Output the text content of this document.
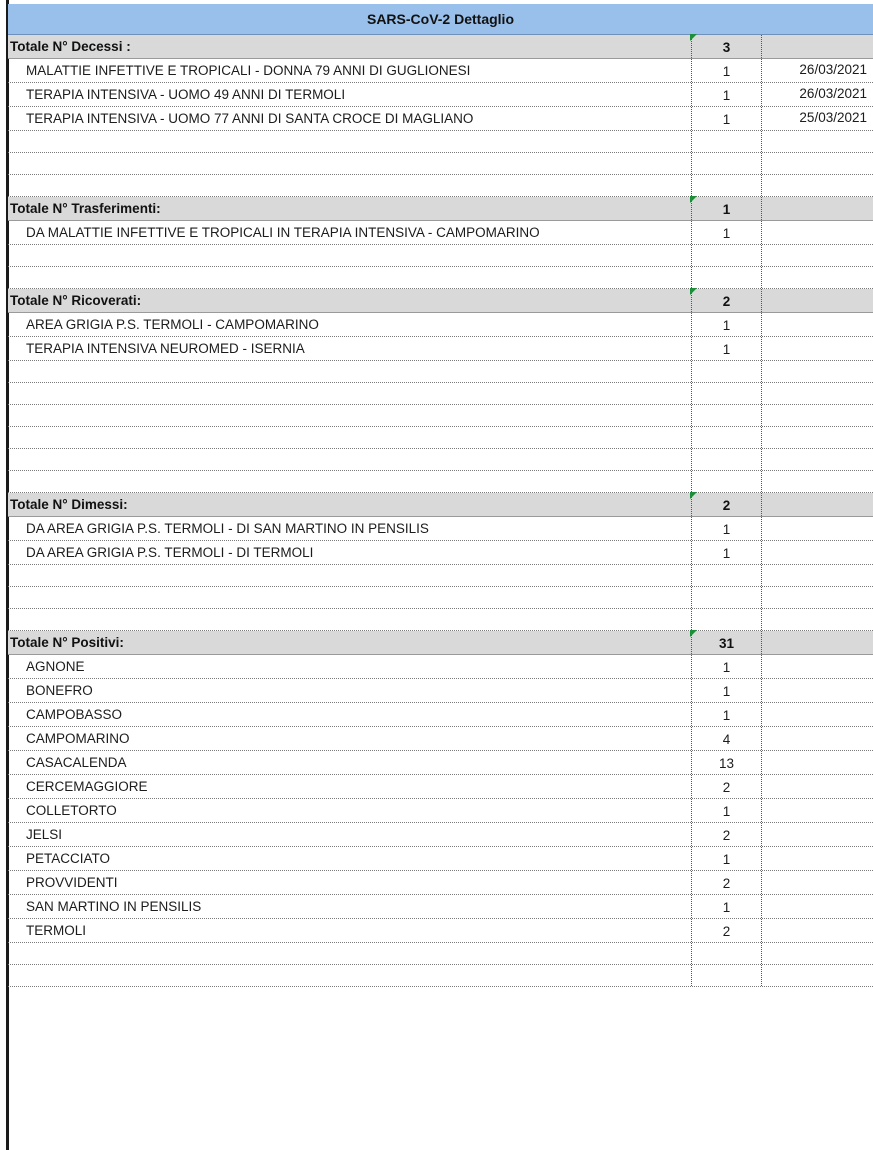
SARS-CoV-2 Dettaglio
Totale N° Decessi :	3
MALATTIE INFETTIVE E TROPICALI - DONNA 79 ANNI DI GUGLIONESI	1	26/03/2021
TERAPIA INTENSIVA - UOMO 49 ANNI DI TERMOLI	1	26/03/2021
TERAPIA INTENSIVA - UOMO 77 ANNI DI SANTA CROCE DI MAGLIANO	1	25/03/2021
Totale N° Trasferimenti:	1
DA MALATTIE INFETTIVE E TROPICALI IN TERAPIA INTENSIVA - CAMPOMARINO	1
Totale N° Ricoverati:	2
AREA GRIGIA P.S. TERMOLI - CAMPOMARINO	1
TERAPIA INTENSIVA NEUROMED - ISERNIA	1
Totale N° Dimessi:	2
DA AREA GRIGIA P.S. TERMOLI - DI SAN MARTINO IN PENSILIS	1
DA AREA GRIGIA P.S. TERMOLI - DI TERMOLI	1
Totale N° Positivi:	31
AGNONE	1
BONEFRO	1
CAMPOBASSO	1
CAMPOMARINO	4
CASACALENDA	13
CERCEMAGGIORE	2
COLLETORTO	1
JELSI	2
PETACCIATO	1
PROVVIDENTI	2
SAN MARTINO IN PENSILIS	1
TERMOLI	2
